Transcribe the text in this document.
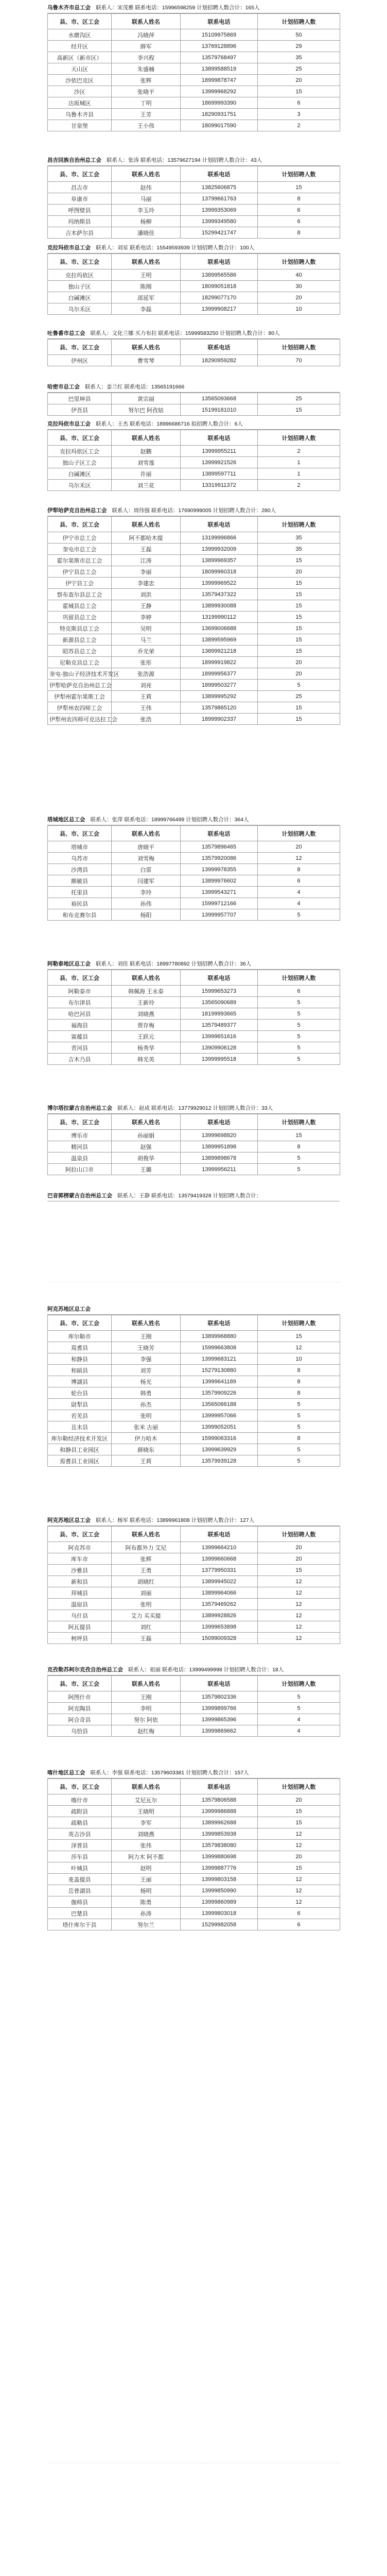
乌鲁木齐市总工会 联系人：宋茂雅 联系电话：15996598259 计划招聘人数合计：165人
县、市、区工会	联系人姓名	联系电话	计划招聘人数
水磨沟区	冯晓萍	15109975869	50
经开区	薛军	13769128896	29
高新区（新市区）	李兴程	13579768497	35
天山区	朱盛楠	13899588519	25
沙依巴克区	张辉	18999878747	20
沙区	张晓平	13999968292	15
达坂城区	丁明	18699993390	6
乌鲁木齐县	王芳	18290931751	3
甘泉堡	王小伟	18099017590	2
昌吉回族自治州总工会 联系人：张涛 联系电话：13579627194 计划招聘人数合计：43人
县、市、区工会	联系人姓名	联系电话	计划招聘人数
昌吉市	赵伟	13825606875	15
阜康市	马丽	13799661763	8
呼图壁县	李玉玲	13999353069	6
玛纳斯县	杨柳	13999349580	6
吉木萨尔县	潘晓佳	15299421747	8
克拉玛依市总工会 联系人：刘星 联系电话：15549593939 计划招聘人数合计：100人
县、市、区工会	联系人姓名	联系电话	计划招聘人数
克拉玛依区	王明	13899565586	40
独山子区	陈刚	18099051818	30
白碱滩区	邵延军	18299077170	20
乌尔禾区	李磊	13999908217	10
吐鲁番市总工会 联系人：文化兰娜 买力布拉 联系电话：15999583250 计划招聘人数合计：80人
县、市、区工会	联系人姓名	联系电话	计划招聘人数
伊州区	曹雪琴	18290959282	70
哈密市总工会 联系人：姜兰红 联系电话：13565191666
巴里坤县	黄宗丽	13565093668	25
伊吾县	努尔巴 阿孜姑	15199181010	15
克拉玛依市总工会 联系人：王杰 联系电话：18996686716 拟招聘人数合计：6人
县、市、区工会	联系人姓名	联系电话	计划招聘人数
克拉玛依区工会	赵鹏	13999955211	2
独山子区工会	刘雪莲	13999921526	1
白碱滩区	许丽	13899597711	1
乌尔禾区	刘兰花	13319911372	2
伊犁哈萨克自治州总工会 联系人：周伟强 联系电话：17690999005 计划招聘人数合计：280人
县、市、区工会	联系人姓名	联系电话	计划招聘人数
伊宁市总工会	阿不都哈木提	13199996866	35
奎屯市总工会	王磊	13999932009	35
霍尔果斯市总工会	江涛	13899969357	15
伊宁县总工会	李丽	18099960318	20
伊宁县工会	李建忠	13999969522	15
察布查尔县总工会	刘洪	13579437322	15
霍城县总工会	王静	13899930088	15
巩留县总工会	李婷	13199990112	15
特克斯县总工会	吴明	13699006688	15
新源县总工会	马兰	13899595969	15
昭苏县总工会	乔光荣	13899921218	15
尼勒克县总工会	张彤	18999919822	20
奎屯-独山子经济技术开发区	张浩源	18999956377	20
伊犁哈萨克自治州总工会	刘亮	18999503277	5
伊犁州霍尔果斯工会	王莉	13899995292	25
伊犁州农四师工会	王伟	13579865120	15
伊犁州农四师可克达拉工会	张浩	18999902337	15
塔城地区总工会 联系人：张萍 联系电话：18999766499 计划招聘人数合计：364人
县、市、区工会	联系人姓名	联系电话	计划招聘人数
塔城市	唐晓平	13579896465	20
乌苏市	刘雪梅	13579920086	12
沙湾县	白雷	13999978355	8
额敏县	闫建军	13899976602	6
托里县	李玲	13999543271	4
裕民县	孙伟	15999712166	4
和布克赛尔县	杨阳	13999957707	5
阿勒泰地区总工会 联系人：刘佳 联系电话：18997780892 计划招聘人数合计：36人
县、市、区工会	联系人姓名	联系电话	计划招聘人数
阿勒泰市	韩佩海 王永泰	15999653273	6
布尔津县	王新玲	13565090689	5
哈巴河县	刘晓燕	18199993665	5
福海县	贾存梅	13579489377	5
富蕴县	王跃元	13999651616	5
青河县	杨秀华	13909906128	5
吉木乃县	韩光英	13999995518	5
博尔塔拉蒙古自治州总工会 联系人：赵成 联系电话：13779929012 计划招聘人数合计：33人
县、市、区工会	联系人姓名	联系电话	计划招聘人数
博乐市	孙丽娟	13999698820	15
精河县	赵强	13899951898	8
温泉县	胡俊华	13899898678	5
阿拉山口市	王璐	13999956211	5
巴音郭楞蒙古自治州总工会 联系人：王静 联系电话：13579419328 计划招聘人数合计：
阿克苏地区总工会
县、市、区工会	联系人姓名	联系电话	计划招聘人数
库尔勒市	王刚	13899968880	15
焉耆县	王晓芳	15999663808	12
和静县	李强	13999683121	10
和硕县	刘芳	15279130880	8
博湖县	杨光	13999641189	8
轮台县	韩勇	13579909226	8
尉犁县	孙杰	13565066188	5
若羌县	张明	13999957066	5
且末县	张米 古丽	13999052051	5
库尔勒经济技术开发区	伊力哈木	15999063316	8
和静县工业园区	薛晓东	13999639929	5
焉耆县工业园区	王莉	13579939128	5
阿克苏地区总工会 联系人：杨军 联系电话：13899961808 计划招聘人数合计：127人
县、市、区工会	联系人姓名	联系电话	计划招聘人数
阿克苏市	阿布都外力 艾尼	13999664210	20
库车市	张辉	13999660668	20
沙雅县	王勇	13779950331	15
新和县	胡晓红	13899945022	12
拜城县	刘丽	13899964066	12
温宿县	张明	13579469262	12
乌什县	艾力 买买提	13899928826	12
阿瓦提县	刘红	13999653898	12
柯坪县	王磊	15099009328	12
克孜勒苏柯尔克孜自治州总工会 联系人：祖丽 联系电话：13999499998 计划招聘人数合计：18人
县、市、区工会	联系人姓名	联系电话	计划招聘人数
阿图什市	王刚	13579802336	5
阿克陶县	李明	13999899766	5
阿合奇县	努尔 阿依	13999865396	4
乌恰县	赵红梅	13999869662	4
喀什地区总工会 联系人：李强 联系电话：13579603381 计划招聘人数合计：157人
县、市、区工会	联系人姓名	联系电话	计划招聘人数
喀什市	艾尼瓦尔	13579806588	20
疏附县	王晓明	13999986888	15
疏勒县	李军	13899962688	15
英吉沙县	刘晓燕	13999853938	12
泽普县	张伟	13579838080	12
莎车县	阿力木 阿不都	13999880698	20
叶城县	赵明	13999887776	15
麦盖提县	王丽	13999803158	12
岳普湖县	杨明	13999850990	12
伽师县	陈勇	13999860989	12
巴楚县	孙涛	13999803018	6
塔什库尔干县	努尔兰	15299982058	6
